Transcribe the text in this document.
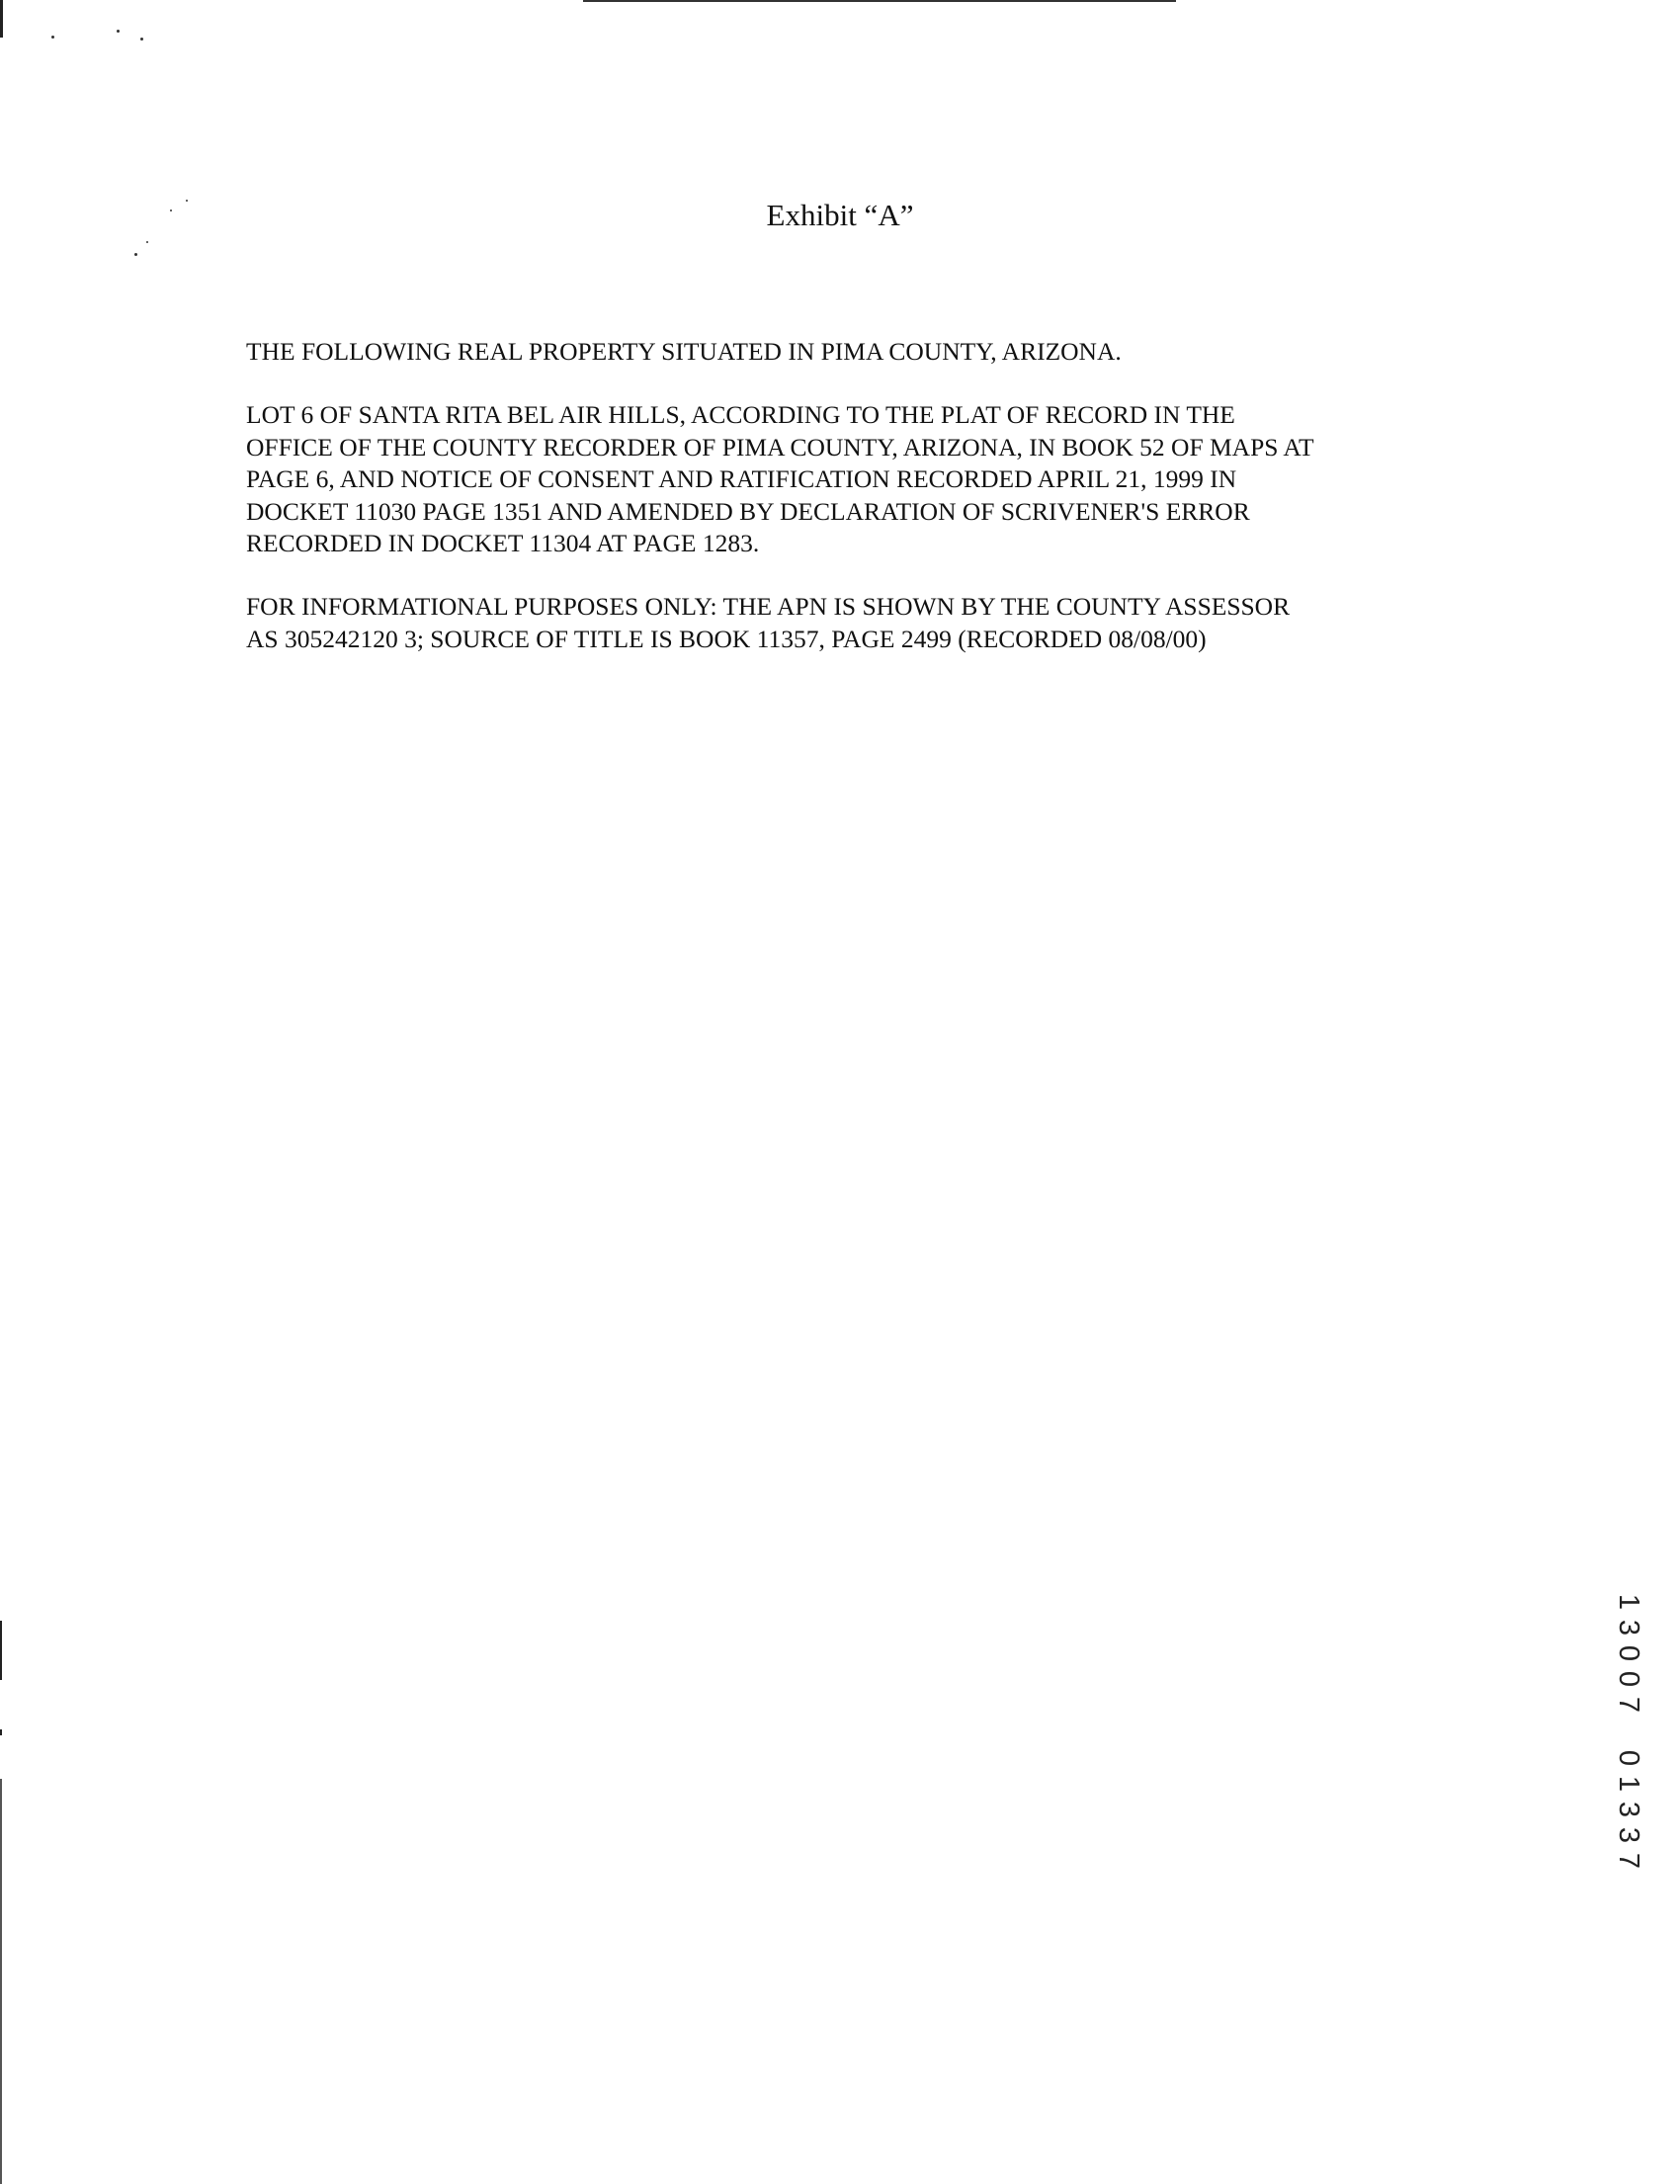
Exhibit “A”
THE FOLLOWING REAL PROPERTY SITUATED IN PIMA COUNTY, ARIZONA.
LOT 6 OF SANTA RITA BEL AIR HILLS, ACCORDING TO THE PLAT OF RECORD IN THE
OFFICE OF THE COUNTY RECORDER OF PIMA COUNTY, ARIZONA, IN BOOK 52 OF MAPS AT
PAGE 6, AND NOTICE OF CONSENT AND RATIFICATION RECORDED APRIL 21, 1999 IN
DOCKET 11030 PAGE 1351 AND AMENDED BY DECLARATION OF SCRIVENER'S ERROR
RECORDED IN DOCKET 11304 AT PAGE 1283.
FOR INFORMATIONAL PURPOSES ONLY: THE APN IS SHOWN BY THE COUNTY ASSESSOR
AS 305242120 3; SOURCE OF TITLE IS BOOK 11357, PAGE 2499 (RECORDED 08/08/00)
1
3
0
0
7
0
1
3
3
7
